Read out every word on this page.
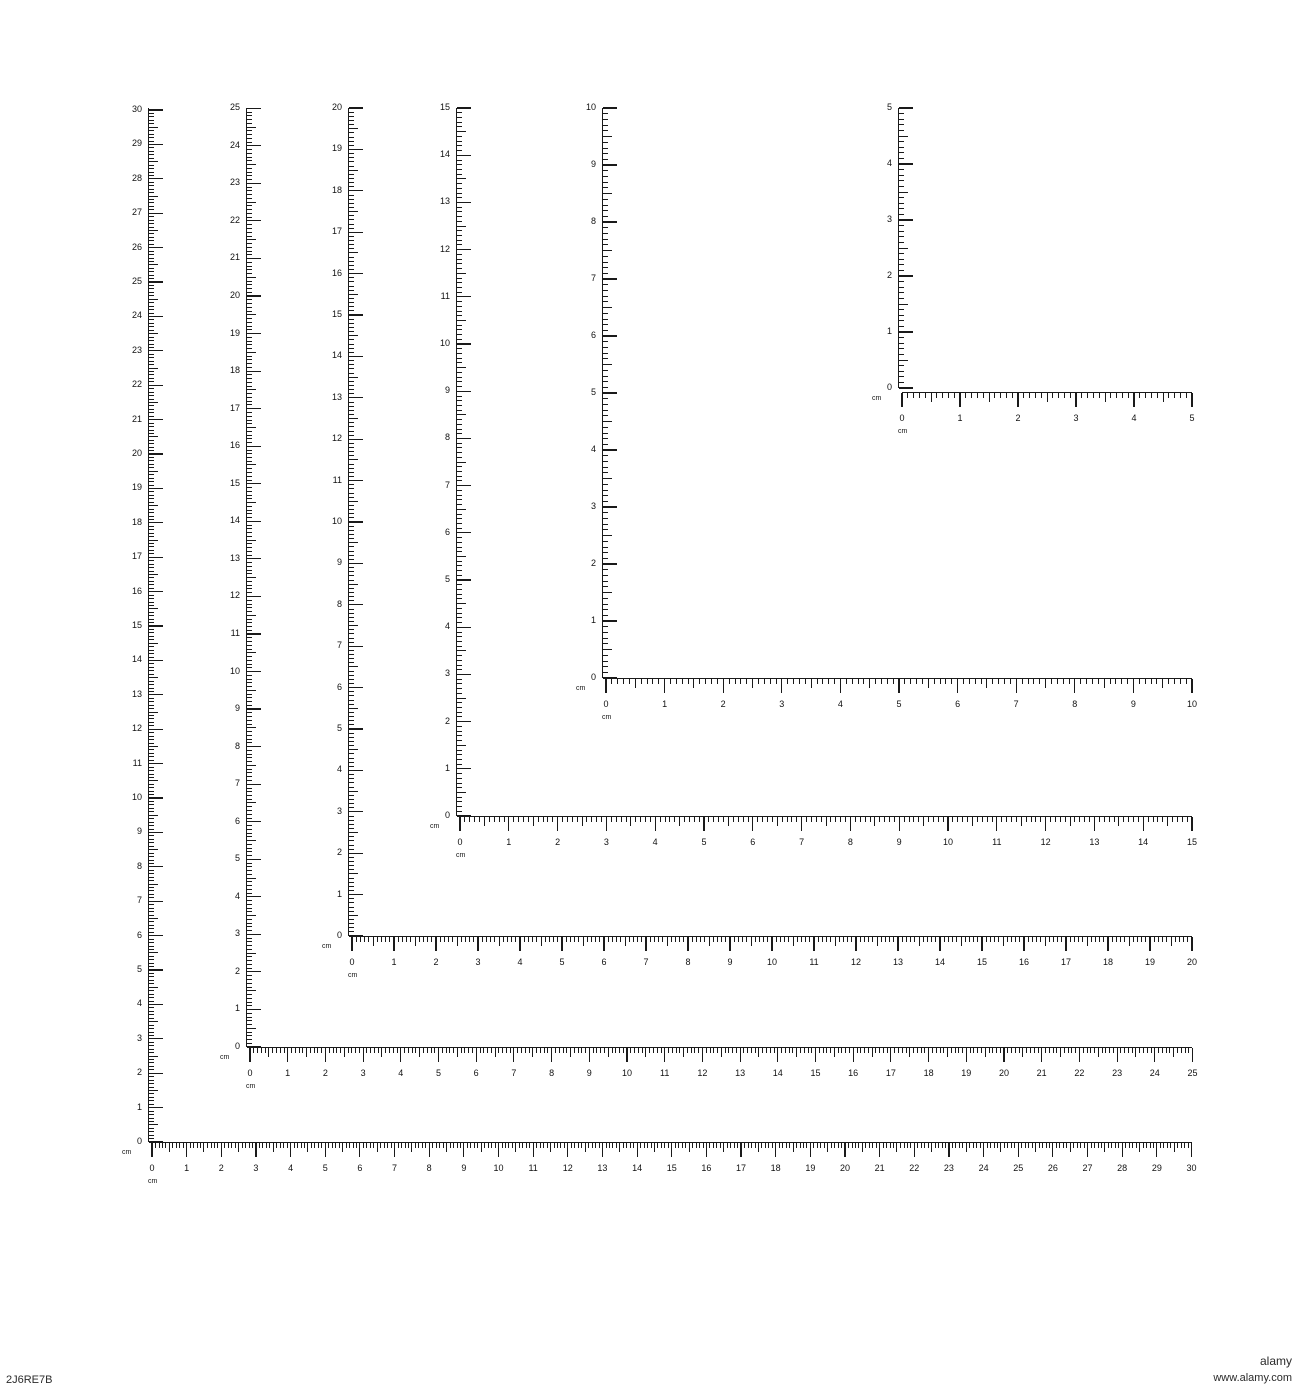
0
1
2
3
4
5
6
7
8
9
10
11
12
13
14
15
16
17
18
19
20
21
22
23
24
25
26
27
28
29
30
cm
0
1
2
3
4
5
6
7
8
9
10
11
12
13
14
15
16
17
18
19
20
21
22
23
24
25
cm
0
1
2
3
4
5
6
7
8
9
10
11
12
13
14
15
16
17
18
19
20
cm
0
1
2
3
4
5
6
7
8
9
10
11
12
13
14
15
cm
0
1
2
3
4
5
6
7
8
9
10
cm
0
1
2
3
4
5
cm
0	1	2	3	4	5
cm
0	1	2	3	4	5	6	7	8	9	10
cm
0	1	2	3	4	5	6	7	8	9	10	11	12	13	14	15
cm
0	1	2	3	4	5	6	7	8	9	10	11	12	13	14	15	16	17	18	19	20
cm
0	1	2	3	4	5	6	7	8	9	10	11	12	13	14	15	16	17	18	19	20	21	22	23	24	25
cm
0	1	2	3	4	5	6	7	8	9	10	11	12	13	14	15	16	17	18	19	20	21	22	23	24	25	26	27	28	29	30
cm
2J6RE7B
alamy
www.alamy.com
